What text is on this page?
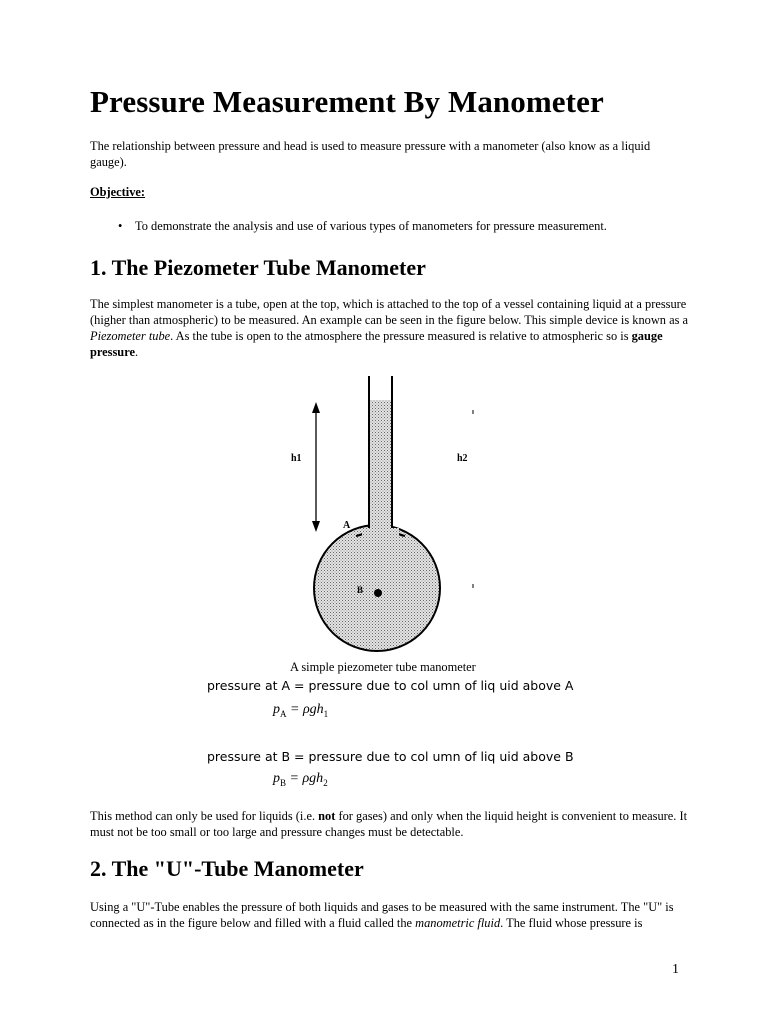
Pressure Measurement By Manometer

The relationship between pressure and head is used to measure pressure with a manometer (also know as a liquid gauge).

Objective:
• To demonstrate the analysis and use of various types of manometers for pressure measurement.
1. The Piezometer Tube Manometer

The simplest manometer is a tube, open at the top, which is attached to the top of a vessel containing liquid at a pressure (higher than atmospheric) to be measured. An example can be seen in the figure below. This simple device is known as a Piezometer tube. As the tube is open to the atmosphere the pressure measured is relative to atmospheric so is gauge pressure.

h1	h2
A
B
A simple piezometer tube manometer
pressure at A = pressure due to col umn of liq uid above A
$p_A = \rho gh_1$
pressure at B = pressure due to col umn of liq uid above B
$p_B = \rho gh_2$

This method can only be used for liquids (i.e. not for gases) and only when the liquid height is convenient to measure. It must not be too small or too large and pressure changes must be detectable.

2. The "U"-Tube Manometer

Using a "U"-Tube enables the pressure of both liquids and gases to be measured with the same instrument. The "U" is connected as in the figure below and filled with a fluid called the manometric fluid. The fluid whose pressure is

1
